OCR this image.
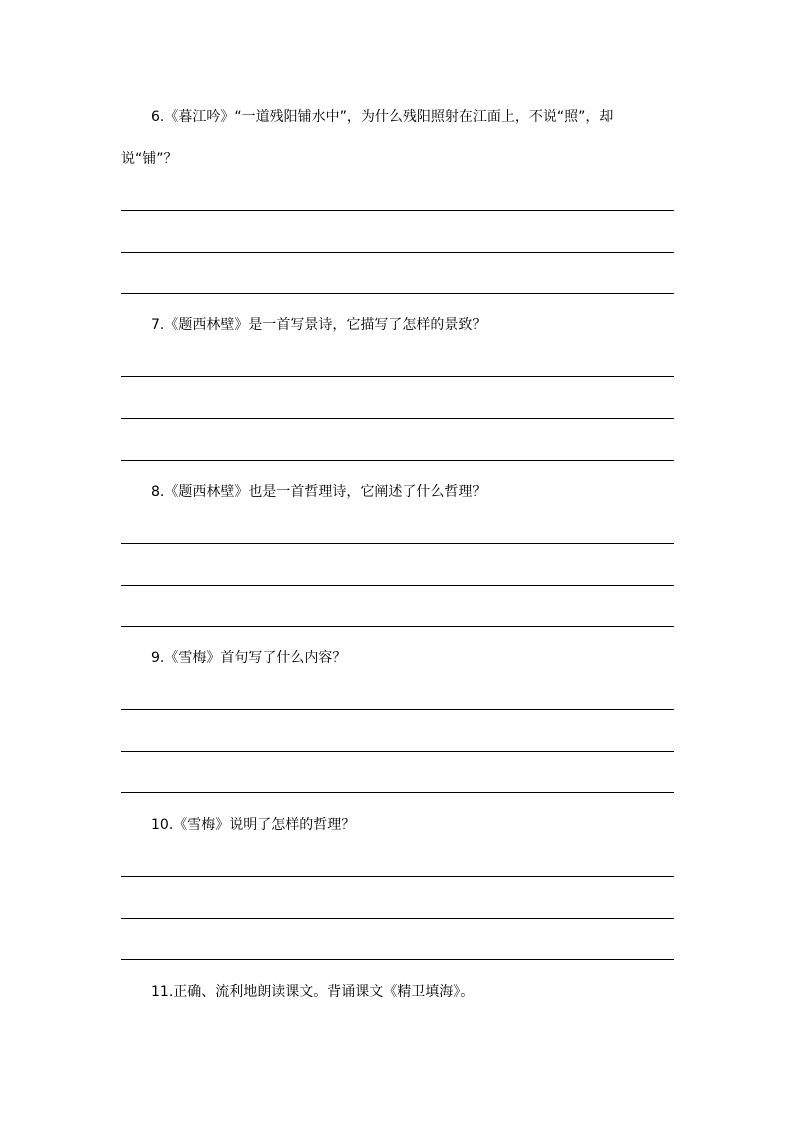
6.《暮江吟》“一道残阳铺水中”，为什么残阳照射在江面上，不说“照”，却
说“铺”？
7.《题西林壁》是一首写景诗，它描写了怎样的景致？
8.《题西林壁》也是一首哲理诗，它阐述了什么哲理？
9.《雪梅》首句写了什么内容？
10.《雪梅》说明了怎样的哲理？
11.正确、流利地朗读课文。背诵课文《精卫填海》。
